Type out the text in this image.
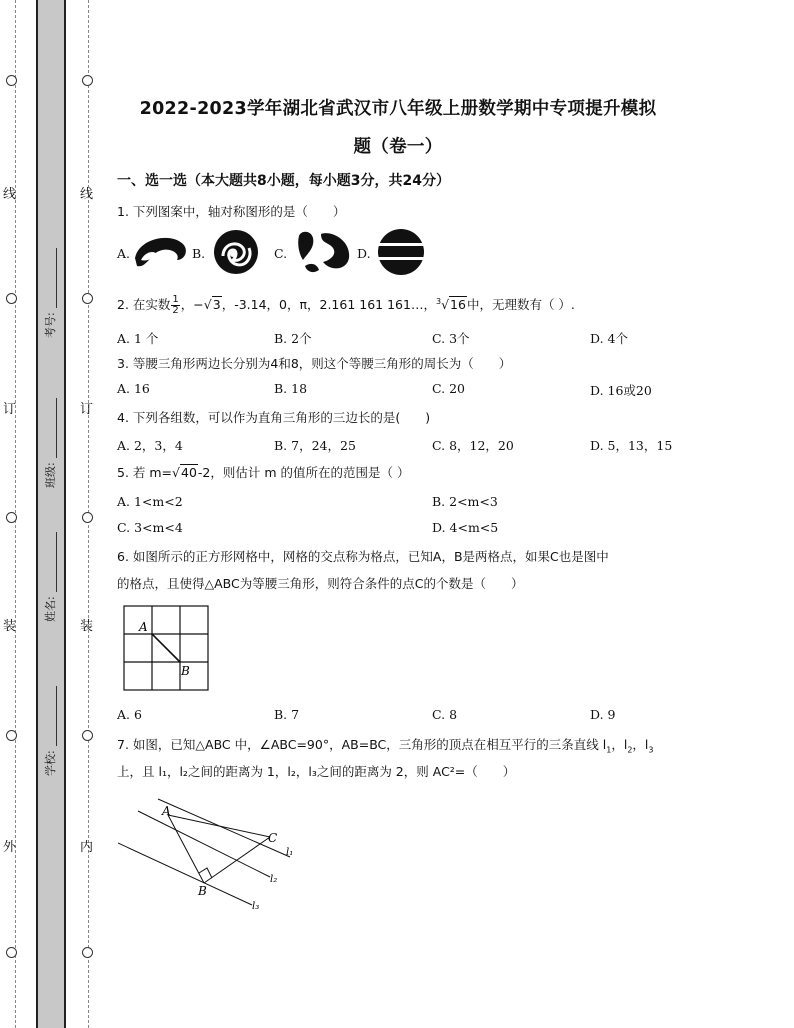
线
订
装
外
线
订
装
内
考号:
班级:
姓名:
学校:
2022-2023学年湖北省武汉市八年级上册数学期中专项提升模拟
题（卷一）
一、选一选（本大题共8小题，每小题3分，共24分）
1. 下列图案中，轴对称图形的是（　　）
A.	B.	C.	D.
2. 在实数 $\frac{1}{2}$ ，−√3，-3.14，0，π，2.161 161 161…，$^3$√16中，无理数有（ ）.
A. 1 个	B. 2个	C. 3个	D. 4个
3. 等腰三角形两边长分别为4和8，则这个等腰三角形的周长为（　　）
A. 16	B. 18	C. 20	D. 16或20
4. 下列各组数，可以作为直角三角形的三边长的是(　　)
A. 2，3，4	B. 7，24，25	C. 8，12，20	D. 5，13，15
5. 若 m=√40-2，则估计 m 的值所在的范围是（ ）
A. 1<m<2	B. 2<m<3
C. 3<m<4	D. 4<m<5
6. 如图所示的正方形网格中，网格的交点称为格点，已知A，B是两格点，如果C也是图中
的格点，且使得△ABC为等腰三角形，则符合条件的点C的个数是（　　）
A
B
A. 6	B. 7	C. 8	D. 9
7. 如图，已知△ABC 中，∠ABC=90°，AB=BC，三角形的顶点在相互平行的三条直线 $l_1$，$l_2$，$l_3$
上，且 l₁，l₂之间的距离为 1，l₂，l₃之间的距离为 2，则 AC²=（　　）
A
B
C
l₁
l₂
l₃
